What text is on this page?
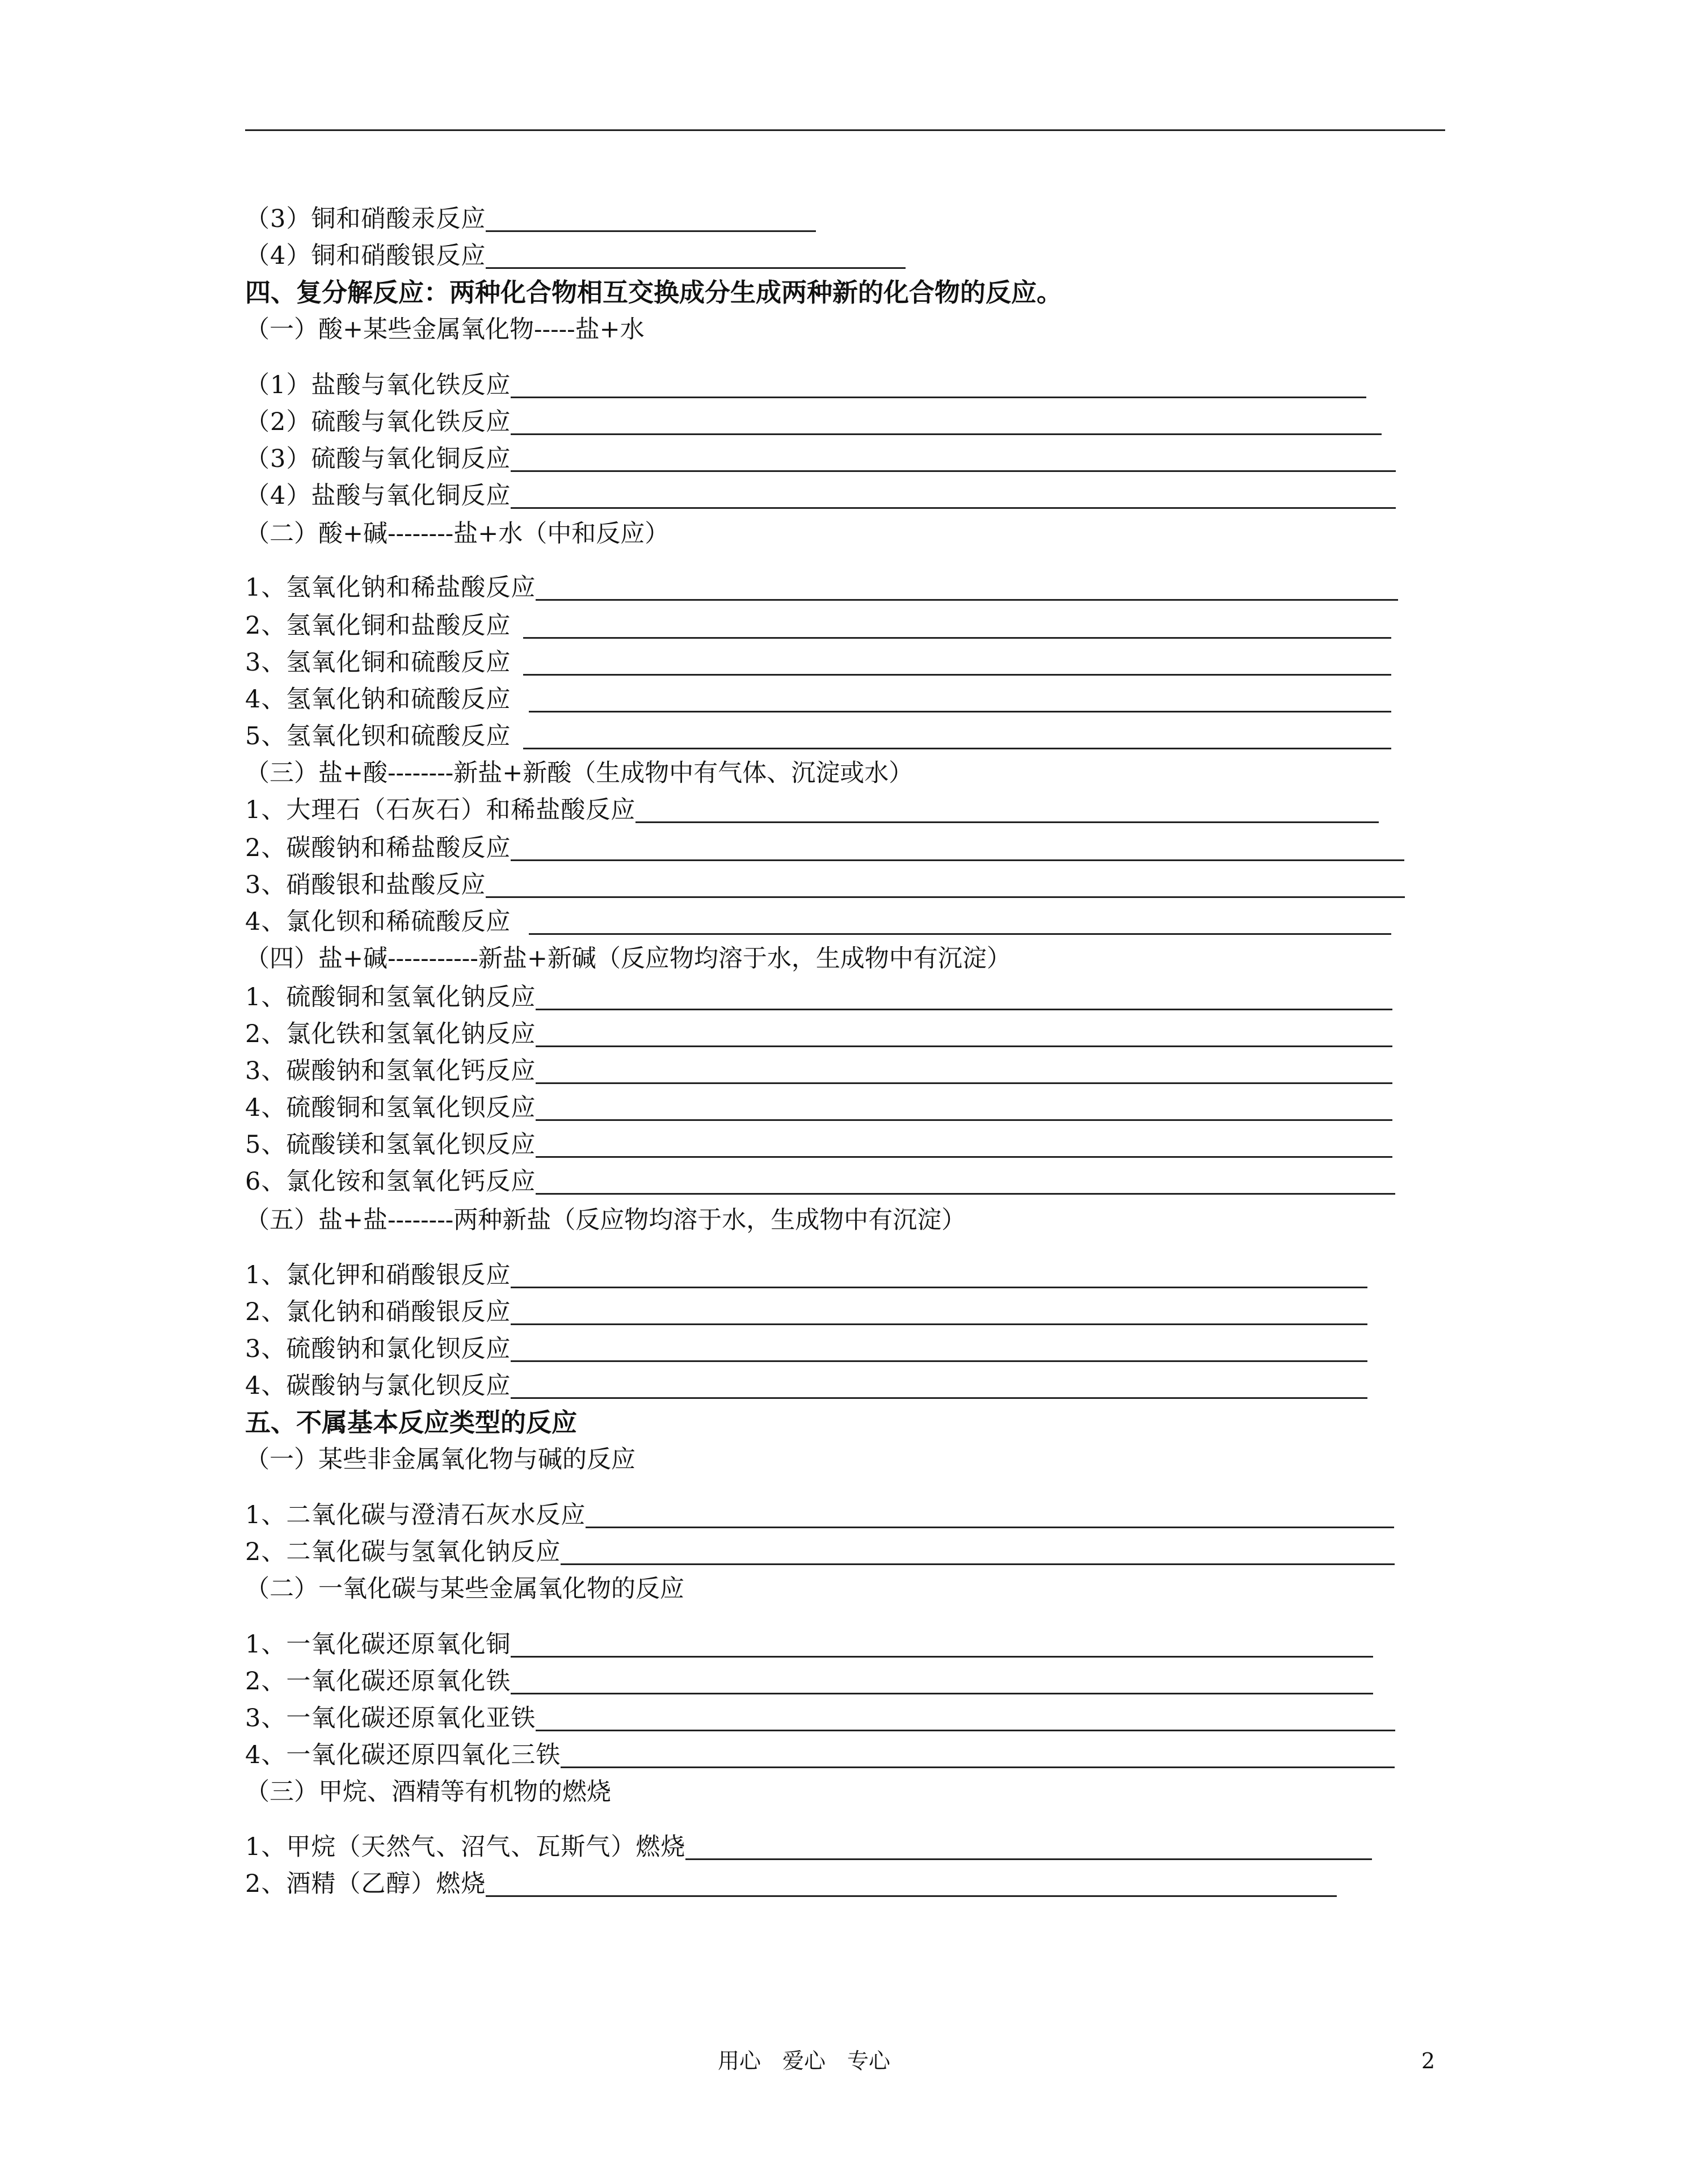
（3）铜和硝酸汞反应
（4）铜和硝酸银反应
四、复分解反应：两种化合物相互交换成分生成两种新的化合物的反应。
（一）酸+某些金属氧化物-----盐+水
（1）盐酸与氧化铁反应
（2）硫酸与氧化铁反应
（3）硫酸与氧化铜反应
（4）盐酸与氧化铜反应
（二）酸+碱--------盐+水（中和反应）
1、氢氧化钠和稀盐酸反应
2、氢氧化铜和盐酸反应
3、氢氧化铜和硫酸反应
4、氢氧化钠和硫酸反应
5、氢氧化钡和硫酸反应
（三）盐+酸--------新盐+新酸（生成物中有气体、沉淀或水）
1、大理石（石灰石）和稀盐酸反应
2、碳酸钠和稀盐酸反应
3、硝酸银和盐酸反应
4、氯化钡和稀硫酸反应
（四）盐+碱-----------新盐+新碱（反应物均溶于水，生成物中有沉淀）
1、硫酸铜和氢氧化钠反应
2、氯化铁和氢氧化钠反应
3、碳酸钠和氢氧化钙反应
4、硫酸铜和氢氧化钡反应
5、硫酸镁和氢氧化钡反应
6、氯化铵和氢氧化钙反应
（五）盐+盐--------两种新盐（反应物均溶于水，生成物中有沉淀）
1、氯化钾和硝酸银反应
2、氯化钠和硝酸银反应
3、硫酸钠和氯化钡反应
4、碳酸钠与氯化钡反应
五、不属基本反应类型的反应
（一）某些非金属氧化物与碱的反应
1、二氧化碳与澄清石灰水反应
2、二氧化碳与氢氧化钠反应
（二）一氧化碳与某些金属氧化物的反应
1、一氧化碳还原氧化铜
2、一氧化碳还原氧化铁
3、一氧化碳还原氧化亚铁
4、一氧化碳还原四氧化三铁
（三）甲烷、酒精等有机物的燃烧
1、甲烷（天然气、沼气、瓦斯气）燃烧
2、酒精（乙醇）燃烧
用心　爱心　专心	2
